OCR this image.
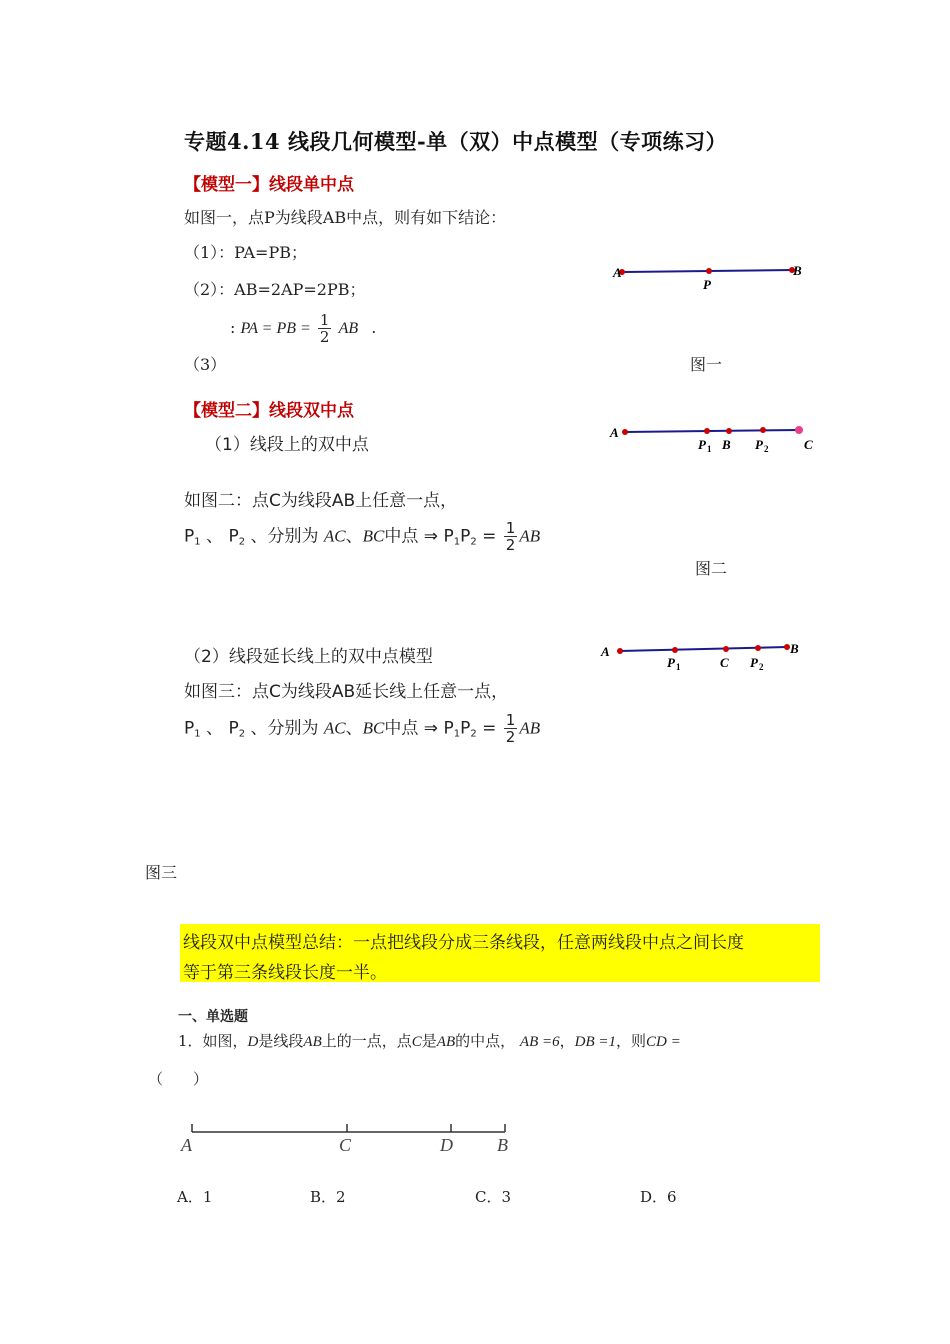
专题4.14 线段几何模型-单（双）中点模型（专项练习）
【模型一】线段单中点
如图一，点P为线段AB中点，则有如下结论：
（1）：PA=PB；
（2）：AB=2AP=2PB；
: PA = PB = $\frac{1}{2}$ AB .
（3）
A
P
B
图一
【模型二】线段双中点
（1）线段上的双中点
A
P 1 B P 2	C
如图二：点C为线段AB上任意一点，
$P_1$ 、 $P_2$ 、分别为 AC、BC中点 ⇒ $P_1P_2 = \frac{1}{2}$ AB
图二
（2）线段延长线上的双中点模型	A
P 1	C P 2
B
如图三：点C为线段AB延长线上任意一点，
$P_1$ 、 $P_2$ 、分别为 AC、BC中点 ⇒ $P_1P_2 = \frac{1}{2}$ AB
图三
线段双中点模型总结：一点把线段分成三条线段，任意两线段中点之间长度
等于第三条线段长度一半。
一、单选题
1．如图，D是线段AB上的一点，点C是AB的中点， AB =6，DB =1，则CD =
（　　）
A	C	D B
A．1	B．2	C．3	D．6
